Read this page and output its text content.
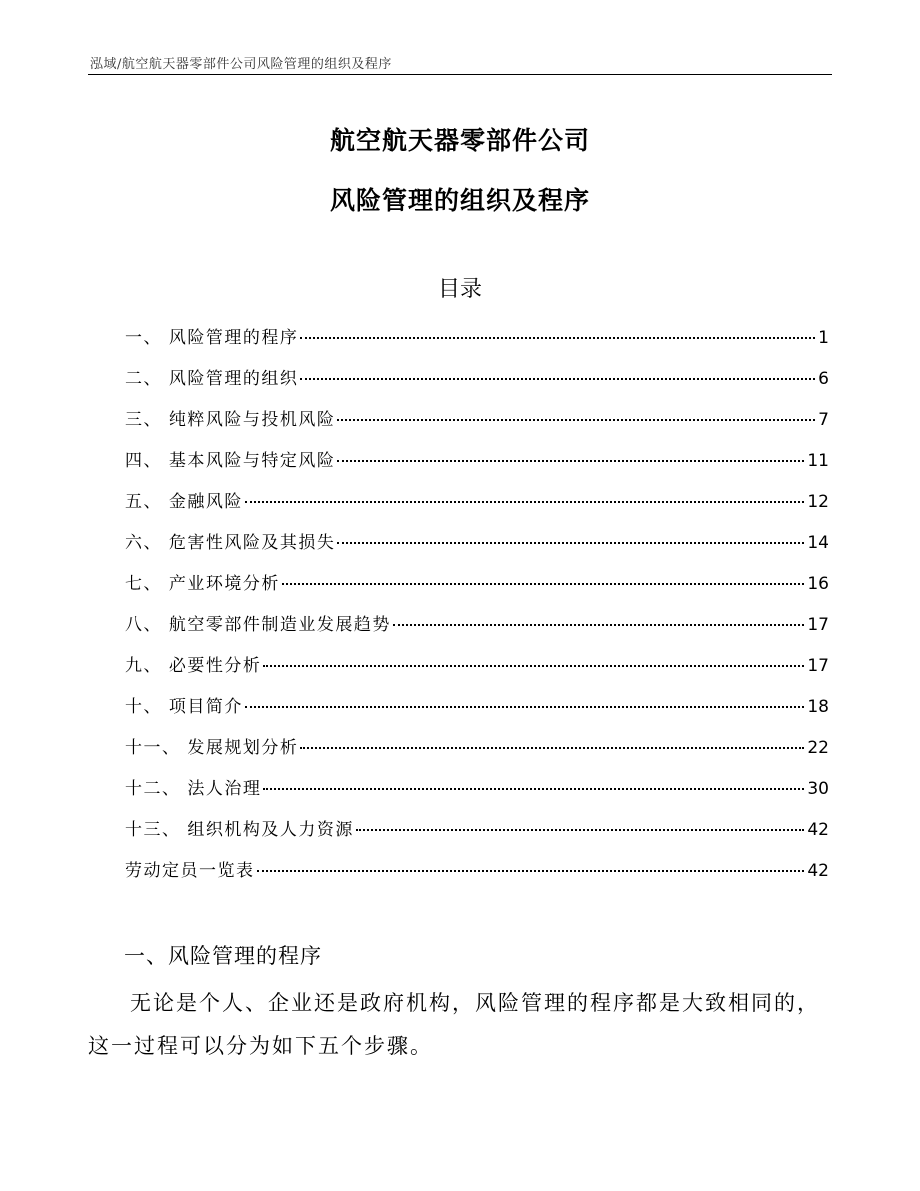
泓域/航空航天器零部件公司风险管理的组织及程序
航空航天器零部件公司
风险管理的组织及程序
目录
一、 风险管理的程序	1
二、 风险管理的组织	6
三、 纯粹风险与投机风险	7
四、 基本风险与特定风险	11
五、 金融风险	12
六、 危害性风险及其损失	14
七、 产业环境分析	16
八、 航空零部件制造业发展趋势	17
九、 必要性分析	17
十、 项目简介	18
十一、 发展规划分析	22
十二、 法人治理	30
十三、 组织机构及人力资源	42
劳动定员一览表	42
一、风险管理的程序

无论是个人、企业还是政府机构，风险管理的程序都是大致相同的，这一过程可以分为如下五个步骤。
